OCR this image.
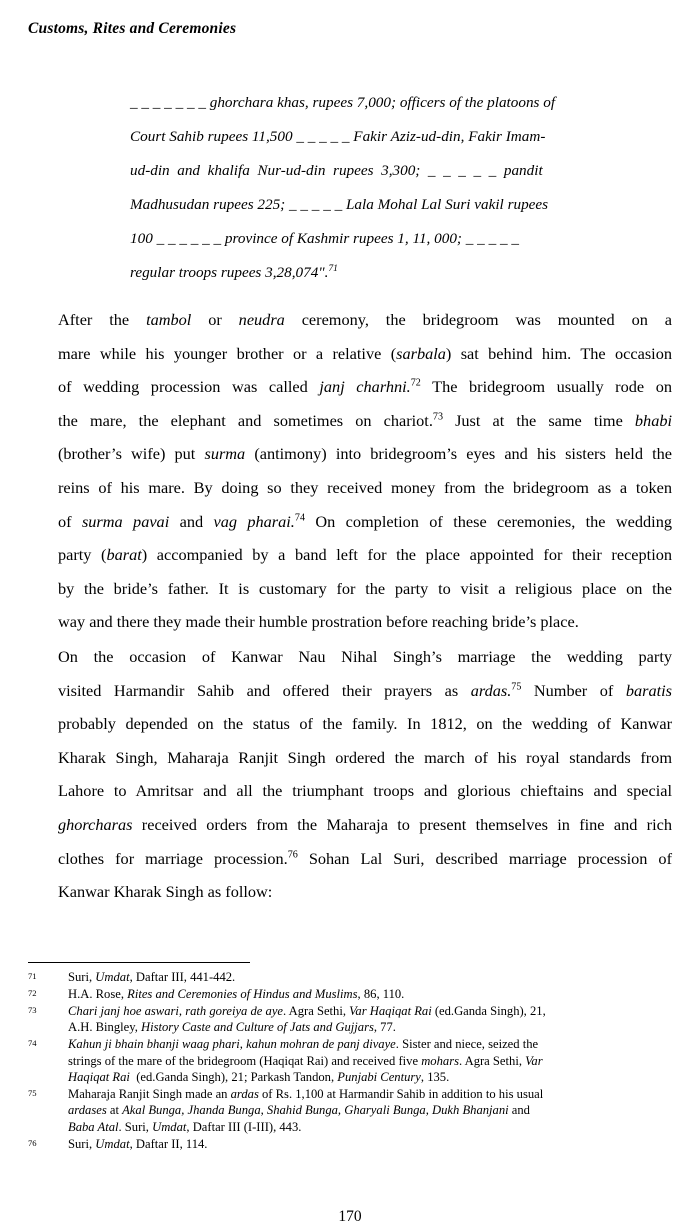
Customs, Rites and Ceremonies
_ _ _ _ _ _ _ ghorchara khas, rupees 7,000; officers of the platoons of
Court Sahib rupees 11,500 _ _ _ _ _ Fakir Aziz-ud-din, Fakir Imam-
ud-din  and  khalifa  Nur-ud-din  rupees  3,300;  _  _  _  _  _  pandit
Madhusudan rupees 225; _ _ _ _ _ Lala Mohal Lal Suri vakil rupees
100 _ _ _ _ _ _ province of Kashmir rupees 1, 11, 000; _ _ _ _ _
regular troops rupees 3,28,074".$^{71}$

After the tambol or neudra ceremony, the bridegroom was mounted on a
mare while his younger brother or a relative (sarbala) sat behind him. The occasion
of wedding procession was called janj charhni.$^{72}$ The bridegroom usually rode on
the mare, the elephant and sometimes on chariot.$^{73}$ Just at the same time bhabi
(brother’s wife) put surma (antimony) into bridegroom’s eyes and his sisters held the
reins of his mare. By doing so they received money from the bridegroom as a token
of surma pavai and vag pharai.$^{74}$ On completion of these ceremonies, the wedding
party (barat) accompanied by a band left for the place appointed for their reception
by the bride’s father. It is customary for the party to visit a religious place on the
way and there they made their humble prostration before reaching bride’s place.

On the occasion of Kanwar Nau Nihal Singh’s marriage the wedding party
visited Harmandir Sahib and offered their prayers as ardas.$^{75}$ Number of baratis
probably depended on the status of the family. In 1812, on the wedding of Kanwar
Kharak Singh, Maharaja Ranjit Singh ordered the march of his royal standards from
Lahore to Amritsar and all the triumphant troops and glorious chieftains and special
ghorcharas received orders from the Maharaja to present themselves in fine and rich
clothes for marriage procession.$^{76}$ Sohan Lal Suri, described marriage procession of
Kanwar Kharak Singh as follow:

71	Suri, Umdat, Daftar III, 441-442.
72	H.A. Rose, Rites and Ceremonies of Hindus and Muslims, 86, 110.
73	Chari janj hoe aswari, rath goreiya de aye. Agra Sethi, Var Haqiqat Rai (ed.Ganda Singh), 21,
A.H. Bingley, History Caste and Culture of Jats and Gujjars, 77.
74	Kahun ji bhain bhanji waag phari, kahun mohran de panj divaye. Sister and niece, seized the
strings of the mare of the bridegroom (Haqiqat Rai) and received five mohars. Agra Sethi, Var
Haqiqat Rai  (ed.Ganda Singh), 21; Parkash Tandon, Punjabi Century, 135.
75	Maharaja Ranjit Singh made an ardas of Rs. 1,100 at Harmandir Sahib in addition to his usual
ardases at Akal Bunga, Jhanda Bunga, Shahid Bunga, Gharyali Bunga, Dukh Bhanjani and
Baba Atal. Suri, Umdat, Daftar III (I-III), 443.
76	Suri, Umdat, Daftar II, 114.
170
